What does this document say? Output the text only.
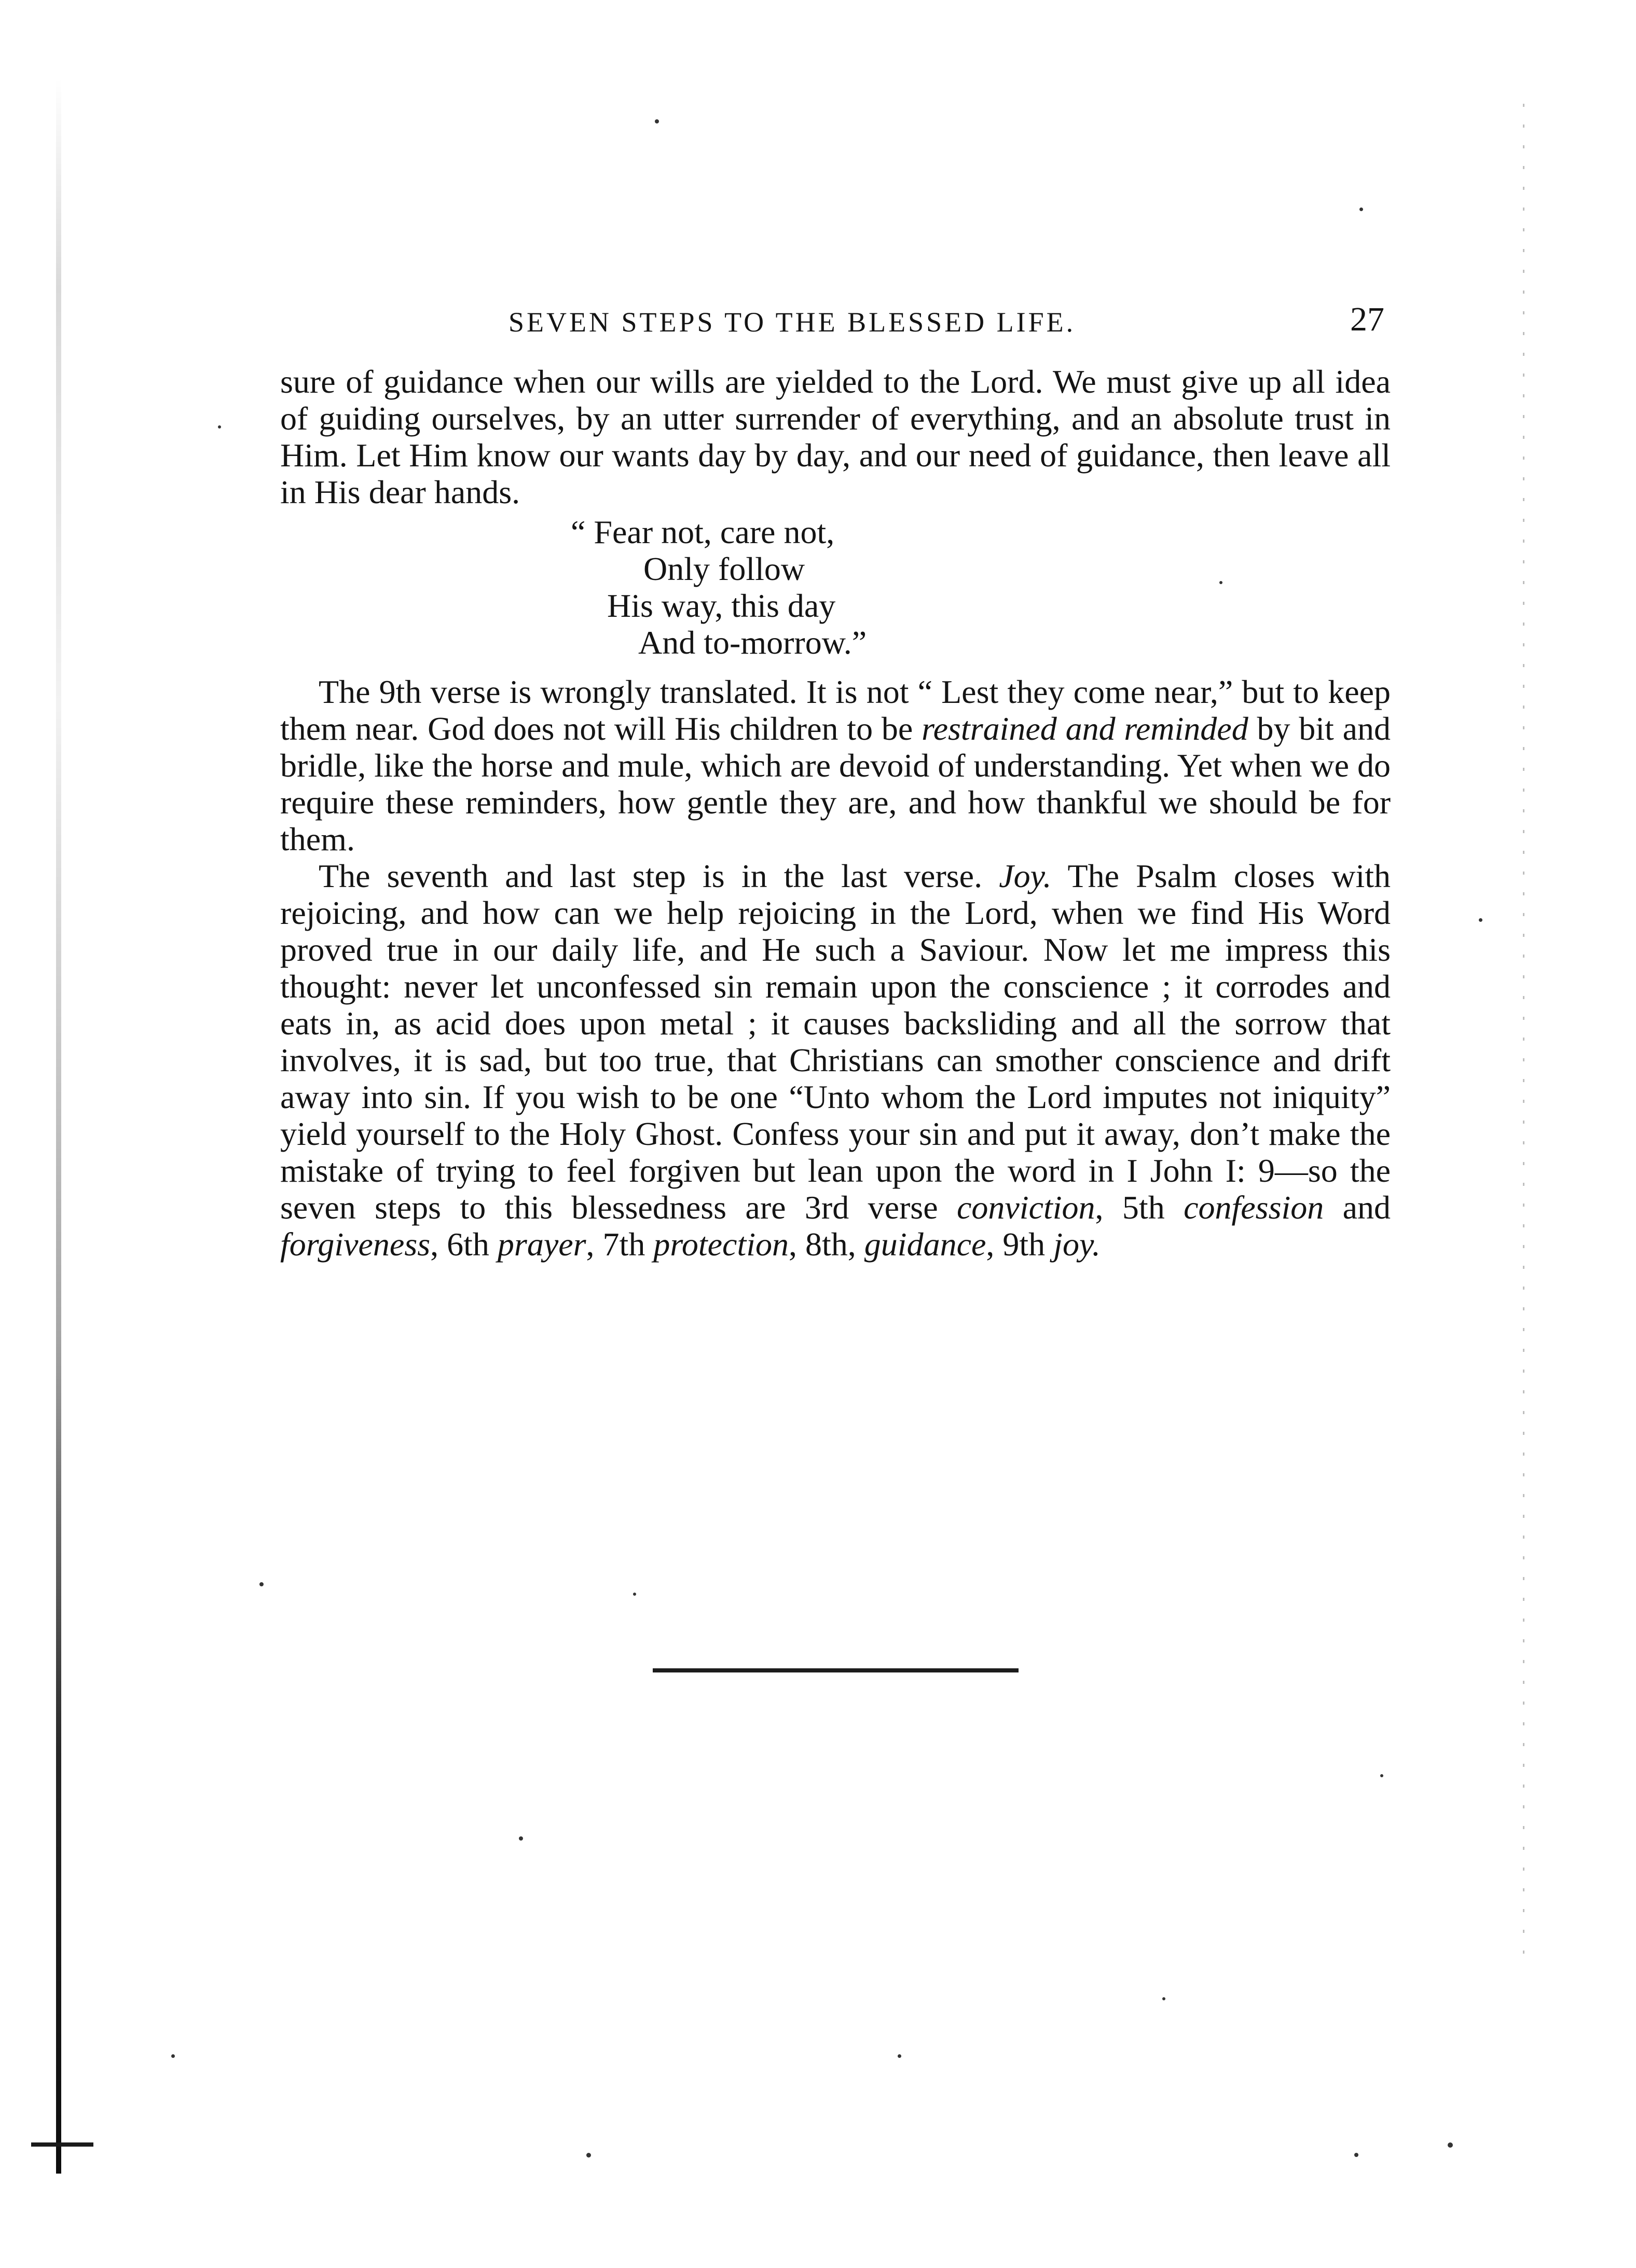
SEVEN STEPS TO THE BLESSED LIFE.	27

sure of guidance when our wills are yielded to the Lord. We must give up all idea of guiding ourselves, by an utter surrender of everything, and an absolute trust in Him. Let Him know our wants day by day, and our need of guidance, then leave all in His dear hands.

“ Fear not, care not,
Only follow
His way, this day
And to-morrow.”

The 9th verse is wrongly translated. It is not “ Lest they come near,” but to keep them near. God does not will His children to be restrained and reminded by bit and bridle, like the horse and mule, which are devoid of understanding. Yet when we do require these reminders, how gentle they are, and how thankful we should be for them.

The seventh and last step is in the last verse. Joy. The Psalm closes with rejoicing, and how can we help rejoicing in the Lord, when we find His Word proved true in our daily life, and He such a Saviour. Now let me impress this thought: never let unconfessed sin remain upon the conscience ; it corrodes and eats in, as acid does upon metal ; it causes backsliding and all the sorrow that involves, it is sad, but too true, that Christians can smother conscience and drift away into sin. If you wish to be one “Unto whom the Lord imputes not iniquity” yield yourself to the Holy Ghost. Confess your sin and put it away, don’t make the mistake of trying to feel forgiven but lean upon the word in I John I: 9—so the seven steps to this blessedness are 3rd verse conviction, 5th confession and forgiveness, 6th prayer, 7th protection, 8th, guidance, 9th joy.
